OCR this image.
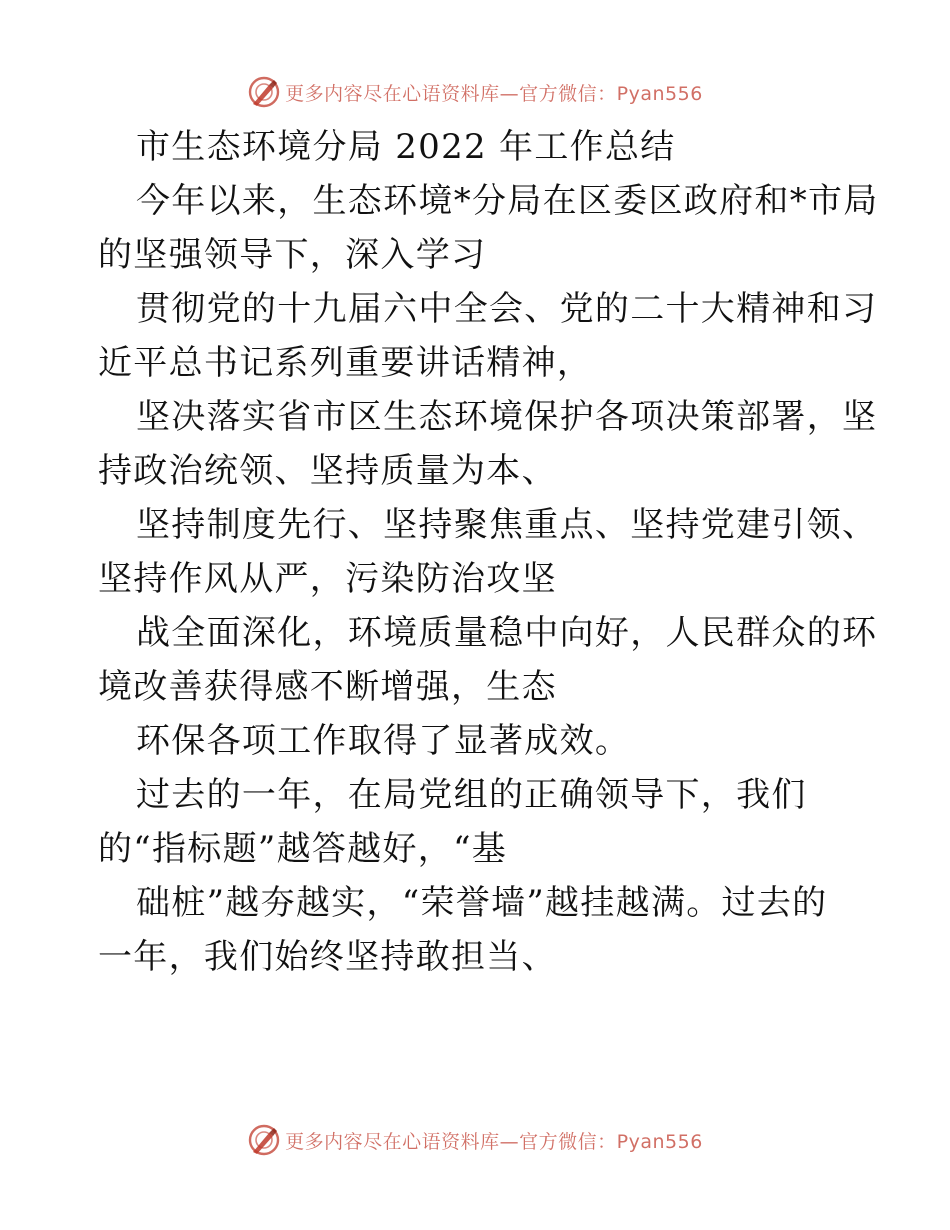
更多内容尽在心语资料库—官方微信：Pyan556
市生态环境分局 2022 年工作总结
今年以来，生态环境*分局在区委区政府和*市局
的坚强领导下，深入学习
贯彻党的十九届六中全会、党的二十大精神和习
近平总书记系列重要讲话精神，
坚决落实省市区生态环境保护各项决策部署，坚
持政治统领、坚持质量为本、
坚持制度先行、坚持聚焦重点、坚持党建引领、
坚持作风从严，污染防治攻坚
战全面深化，环境质量稳中向好，人民群众的环
境改善获得感不断增强，生态
环保各项工作取得了显著成效。
过去的一年，在局党组的正确领导下，我们
的“指标题”越答越好，“基
础桩”越夯越实，“荣誉墙”越挂越满。过去的
一年，我们始终坚持敢担当、
更多内容尽在心语资料库—官方微信：Pyan556
